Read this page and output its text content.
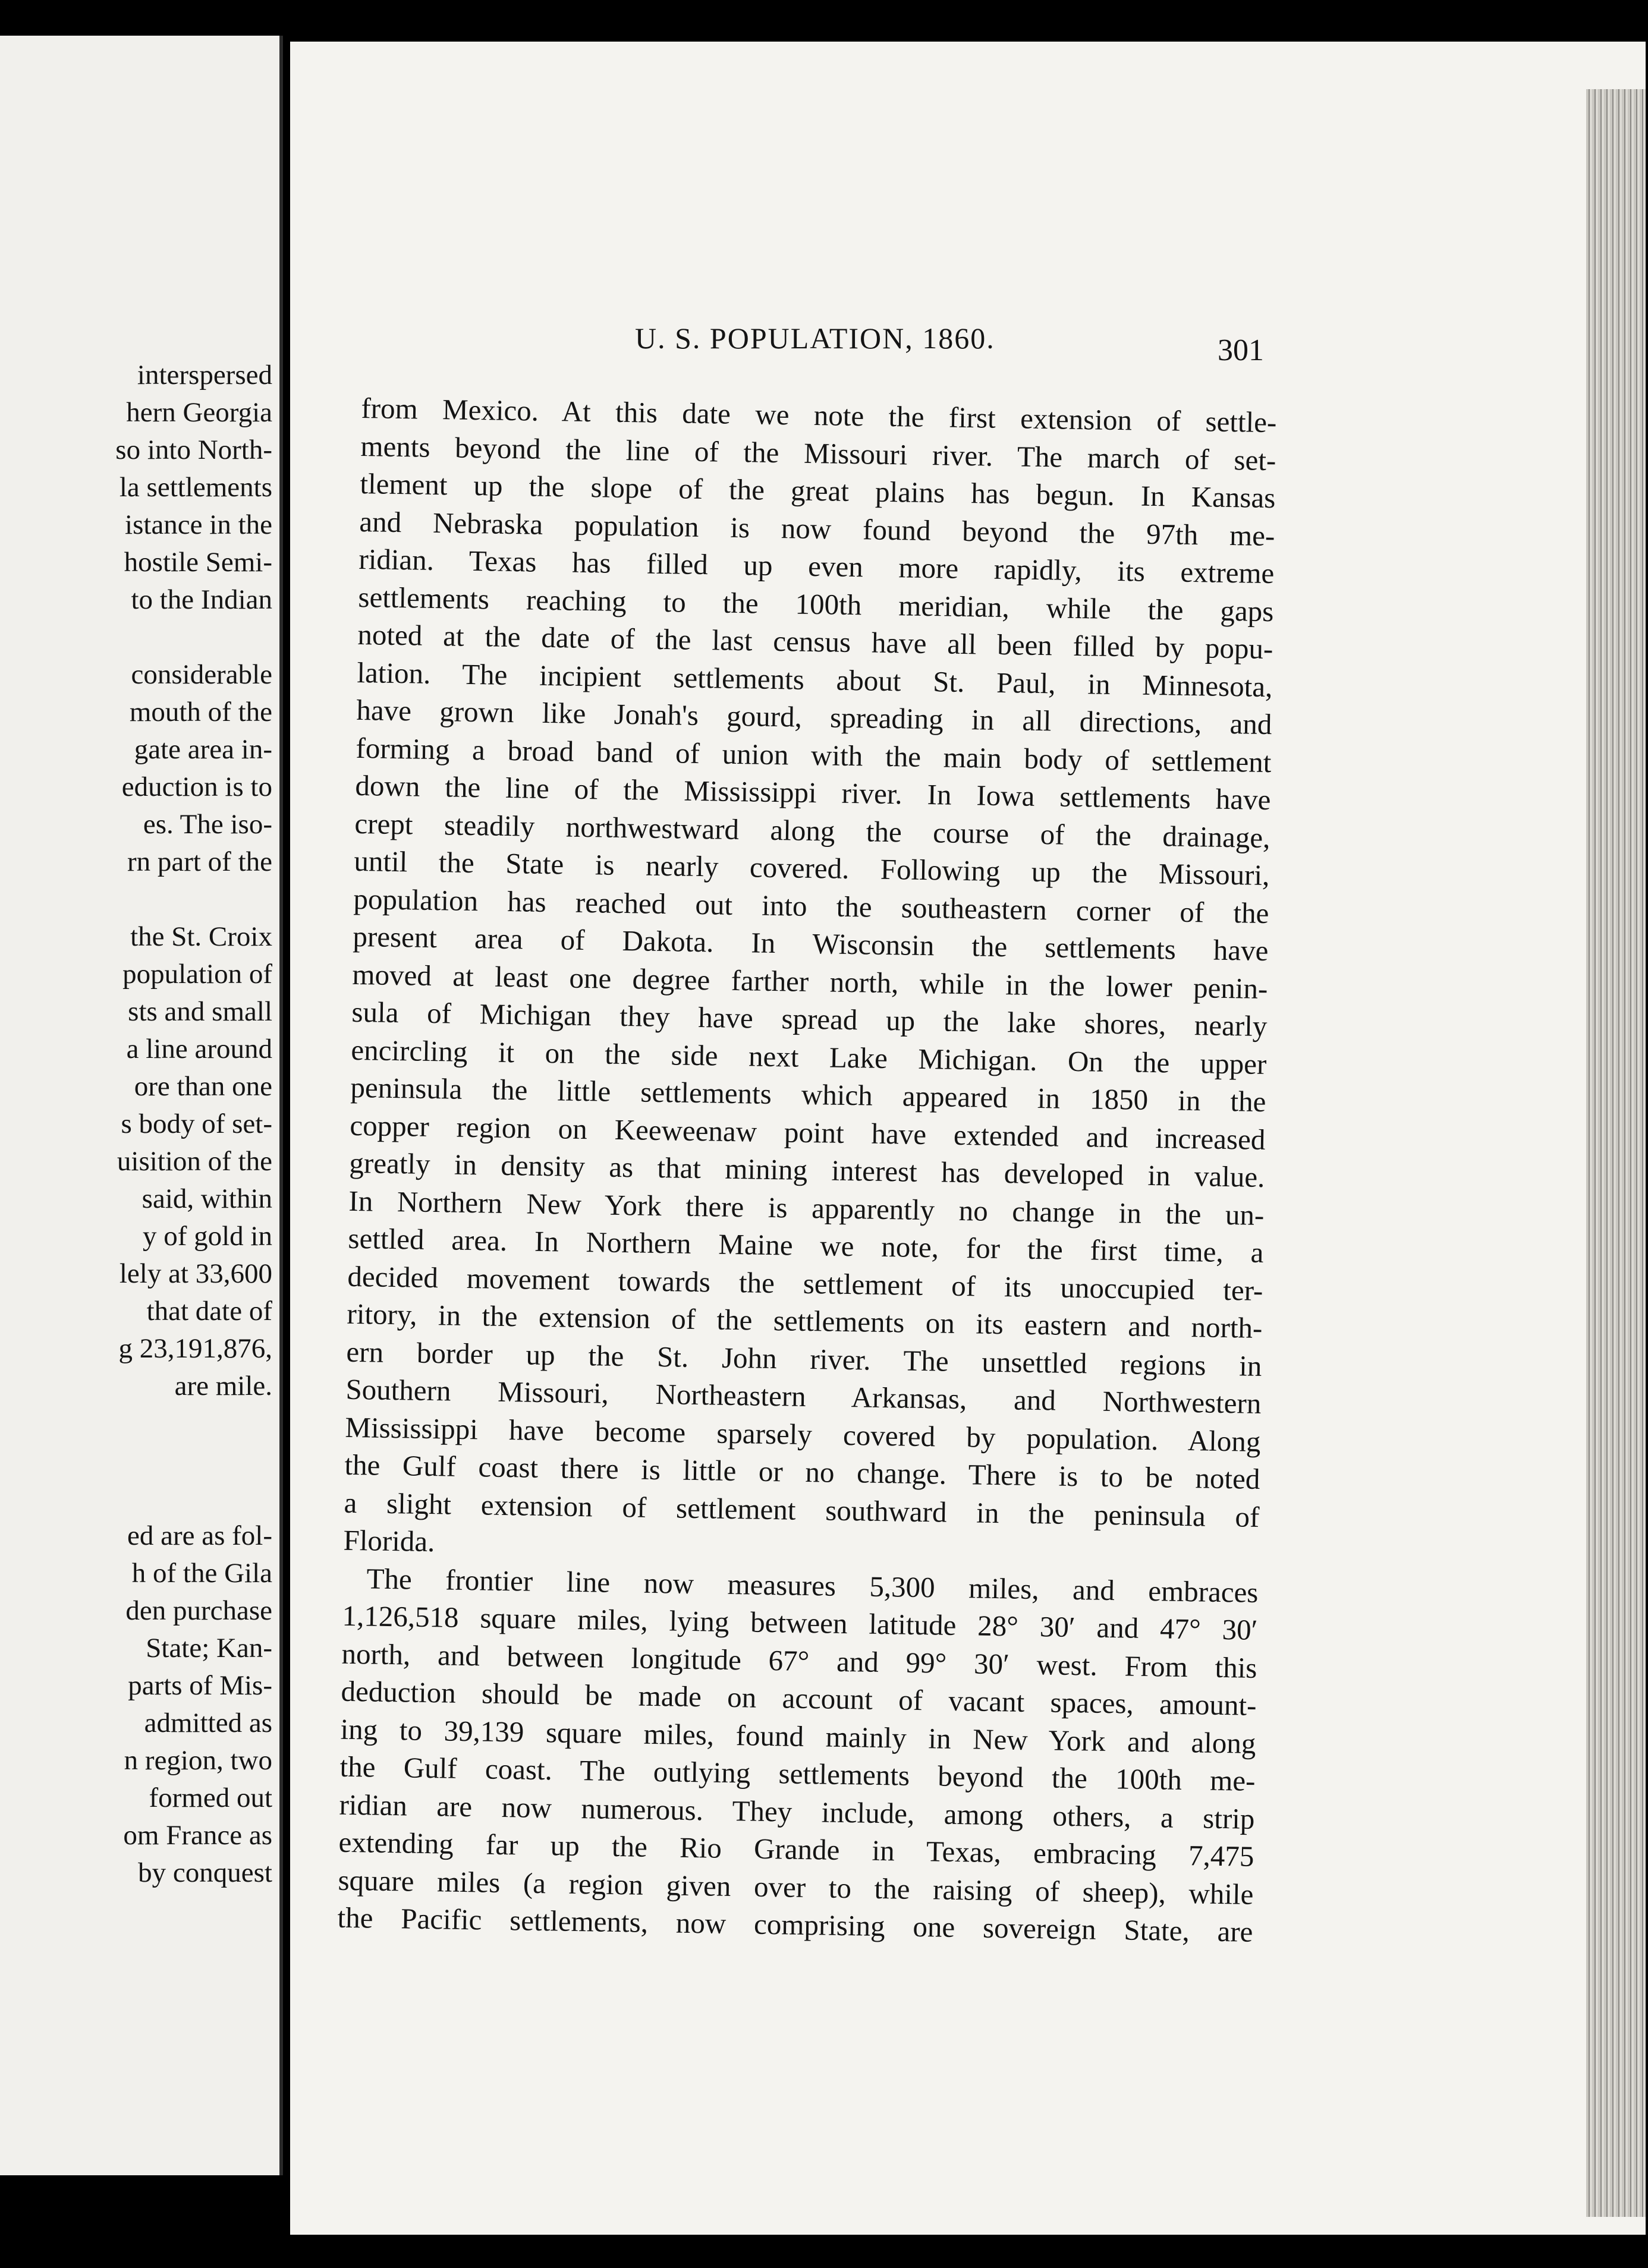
interspersed
hern Georgia
so into North-
la settlements
istance in the
hostile Semi-
to the Indian
considerable
mouth of the
gate area in-
eduction is to
es. The iso-
rn part of the
the St. Croix
population of
sts and small
a line around
ore than one
s body of set-
uisition of the
said, within
y of gold in
lely at 33,600
that date of
g 23,191,876,
are mile.
ed are as fol-
h of the Gila
den purchase
State; Kan-
parts of Mis-
admitted as
n region, two
formed out
om France as
by conquest
U. S. POPULATION, 1860.	301
from Mexico. At this date we note the first extension of settle-
ments beyond the line of the Missouri river. The march of set-
tlement up the slope of the great plains has begun. In Kansas
and Nebraska population is now found beyond the 97th me-
ridian. Texas has filled up even more rapidly, its extreme
settlements reaching to the 100th meridian, while the gaps
noted at the date of the last census have all been filled by popu-
lation. The incipient settlements about St. Paul, in Minnesota,
have grown like Jonah's gourd, spreading in all directions, and
forming a broad band of union with the main body of settlement
down the line of the Mississippi river. In Iowa settlements have
crept steadily northwestward along the course of the drainage,
until the State is nearly covered. Following up the Missouri,
population has reached out into the southeastern corner of the
present area of Dakota. In Wisconsin the settlements have
moved at least one degree farther north, while in the lower penin-
sula of Michigan they have spread up the lake shores, nearly
encircling it on the side next Lake Michigan. On the upper
peninsula the little settlements which appeared in 1850 in the
copper region on Keeweenaw point have extended and increased
greatly in density as that mining interest has developed in value.
In Northern New York there is apparently no change in the un-
settled area. In Northern Maine we note, for the first time, a
decided movement towards the settlement of its unoccupied ter-
ritory, in the extension of the settlements on its eastern and north-
ern border up the St. John river. The unsettled regions in
Southern Missouri, Northeastern Arkansas, and Northwestern
Mississippi have become sparsely covered by population. Along
the Gulf coast there is little or no change. There is to be noted
a slight extension of settlement southward in the peninsula of
Florida.
The frontier line now measures 5,300 miles, and embraces
1,126,518 square miles, lying between latitude 28° 30′ and 47° 30′
north, and between longitude 67° and 99° 30′ west. From this
deduction should be made on account of vacant spaces, amount-
ing to 39,139 square miles, found mainly in New York and along
the Gulf coast. The outlying settlements beyond the 100th me-
ridian are now numerous. They include, among others, a strip
extending far up the Rio Grande in Texas, embracing 7,475
square miles (a region given over to the raising of sheep), while
the Pacific settlements, now comprising one sovereign State, are
